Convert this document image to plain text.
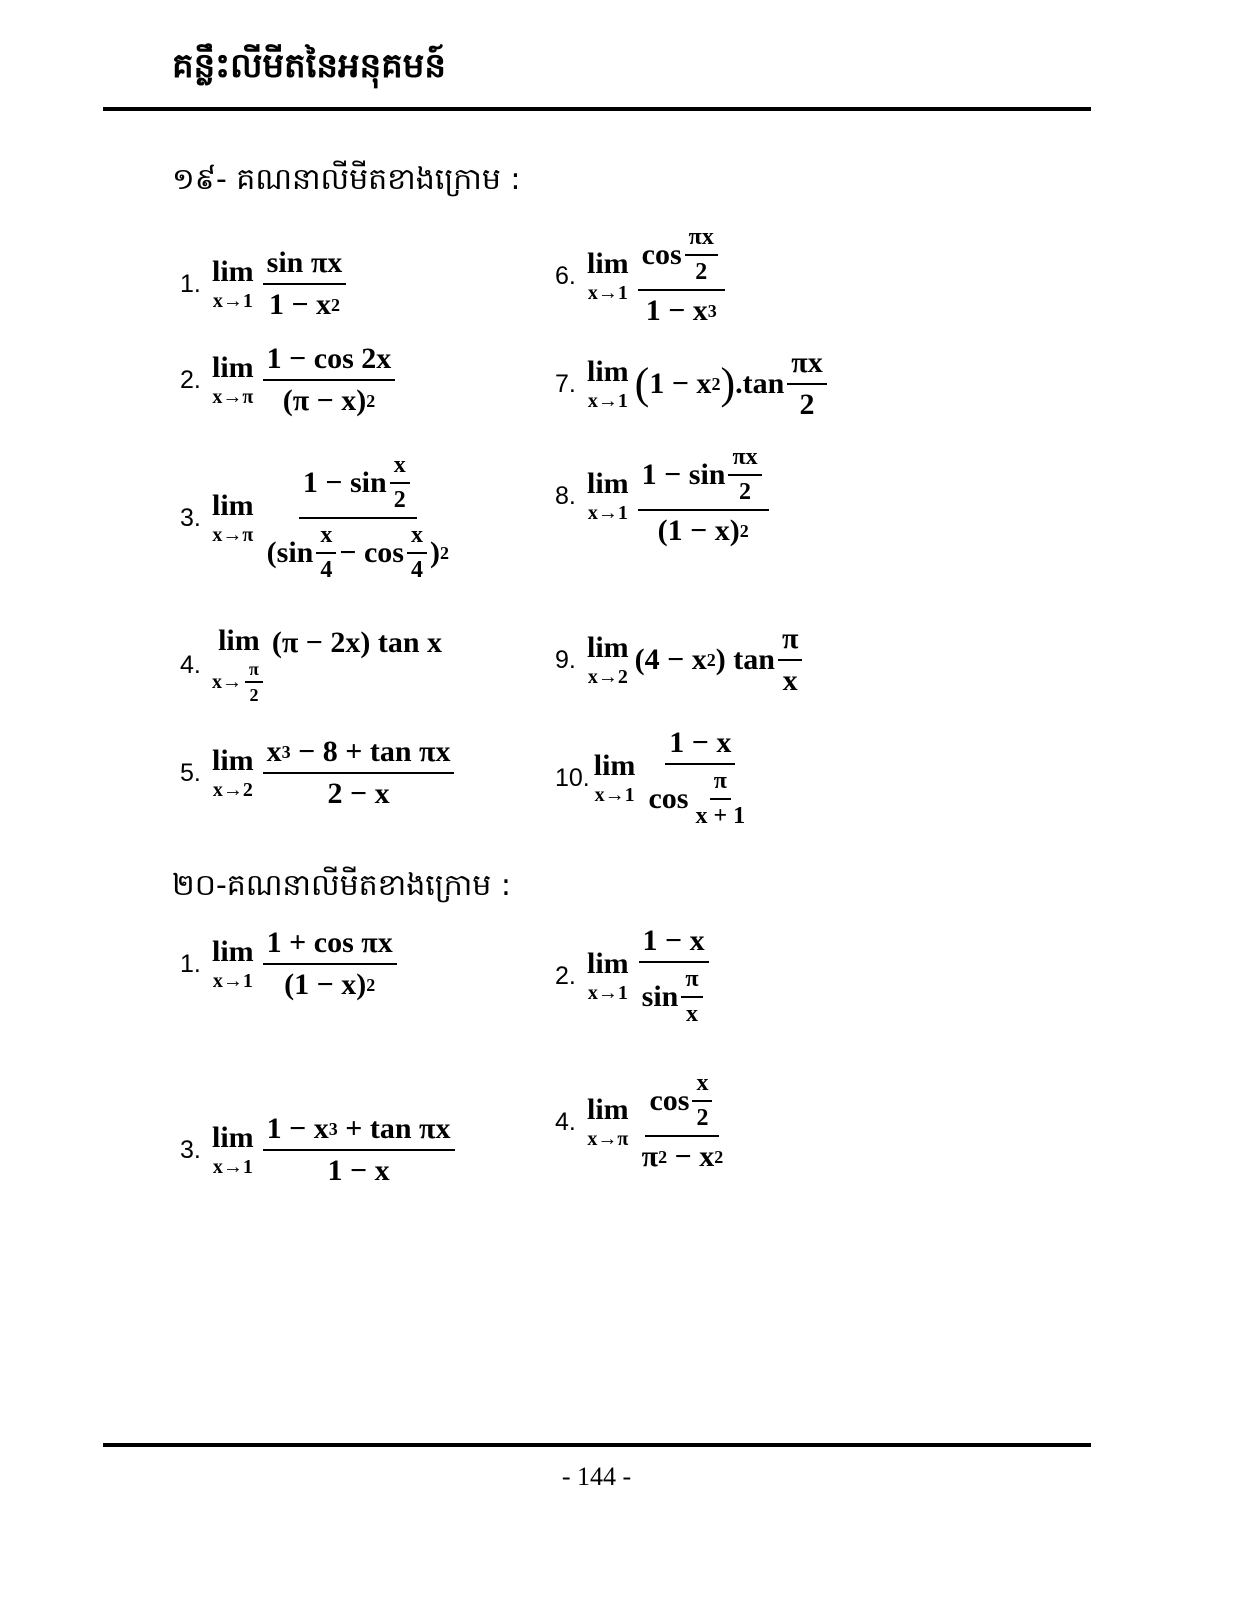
គន្លឹះលីមីតនៃអនុគមន៍
១៩- គណនាលីមីតខាងក្រោម :
1. lim
$x\to 1 \frac{\text{sin πx}}{1 - x 2}$
2. lim
$x\to\pi \frac{1 - \cos 2x}{(\pi - x) 2}$
3. lim
$x\to\pi \frac{1 - \sin \frac{x}{2}}{(\sin \frac{x}{4} - \cos \frac{x}{4} ) 2}$
4.
lim
$x\to \frac{\pi}{2}$
(π − 2x) tan x
5. lim
$x\to 2 \frac{\text{x 3 − 8 + tan πx}}{2 - x}$
6. lim
$x\to 1 \frac{\cos \frac{\pi x}{2}}{1 - x 3}$
7. lim
x→1 ( 1 − x 2 ) $.\tan \frac{\pi x}{2}$
8. lim
$x\to 1 \frac{1 - \sin \frac{\pi x}{2}}{(1 - x) 2}$
9. lim
x→2
(4 − x 2 ) $\tan \frac{\pi}{x}$
10. lim
$x\to 1 \frac{1 - x}{\cos \frac{\pi}{x + 1}}$
២០-គណនាលីមីតខាងក្រោម :
1. lim
$x\to 1 \frac{\text{1 + cos πx}}{(1 - x) 2}$	2. lim
$x\to 1 \frac{1 - x}{\sin \frac{\pi}{x}}$
3. lim
$x\to 1 \frac{\text{1 − x 3 + tan πx}}{1 - x}$	4. lim
$x\to\pi \frac{\cos \frac{x}{2}}{\pi 2 - x 2}$
- 144 -
